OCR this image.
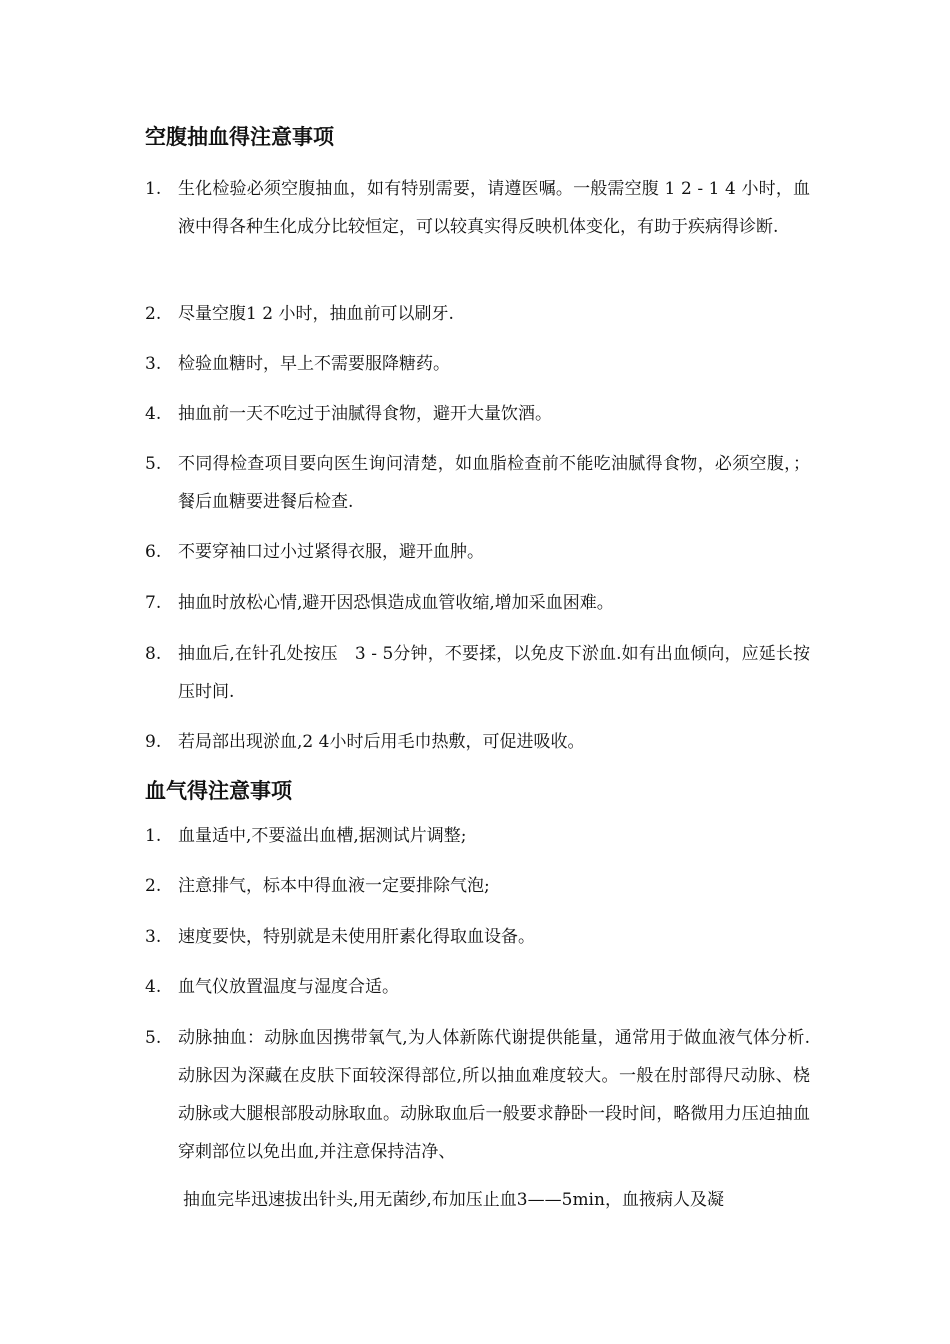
空腹抽血得注意事项
1. 生化检验必须空腹抽血，如有特别需要，请遵医嘱。一般需空腹 1 2 - 1 4 小时，血液中得各种生化成分比较恒定，可以较真实得反映机体变化，有助于疾病得诊断.
2. 尽量空腹1 2 小时，抽血前可以刷牙.
3. 检验血糖时，早上不需要服降糖药。
4. 抽血前一天不吃过于油腻得食物，避开大量饮酒。
5. 不同得检查项目要向医生询问清楚，如血脂检查前不能吃油腻得食物，必须空腹，；餐后血糖要进餐后检查.
6. 不要穿袖口过小过紧得衣服，避开血肿。
7. 抽血时放松心情,避开因恐惧造成血管收缩,增加采血困难。
8. 抽血后,在针孔处按压　3 - 5分钟，不要揉，以免皮下淤血.如有出血倾向，应延长按压时间.
9. 若局部出现淤血,2 4小时后用毛巾热敷，可促进吸收。
血气得注意事项
1. 血量适中,不要溢出血槽,据测试片调整;
2. 注意排气，标本中得血液一定要排除气泡;
3. 速度要快，特别就是未使用肝素化得取血设备。
4. 血气仪放置温度与湿度合适。
5. 动脉抽血：动脉血因携带氧气,为人体新陈代谢提供能量，通常用于做血液气体分析.动脉因为深藏在皮肤下面较深得部位,所以抽血难度较大。一般在肘部得尺动脉、桡动脉或大腿根部股动脉取血。动脉取血后一般要求静卧一段时间，略微用力压迫抽血穿刺部位以免出血,并注意保持洁净、
抽血完毕迅速拔出针头,用无菌纱,布加压止血3——5min，血掖病人及凝
